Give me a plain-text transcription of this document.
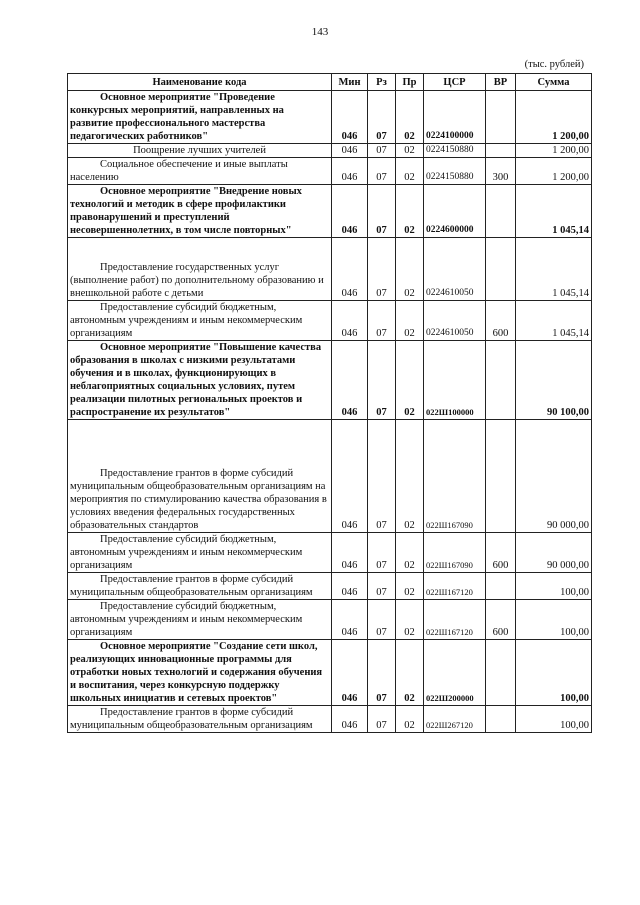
143
(тыс. рублей)
Наименование кода	Мин	Рз	Пр	ЦСР	ВР	Сумма
Основное мероприятие "Проведение конкурсных мероприятий, направленных на развитие профессионального мастерства педагогических работников"	046	07	02	0224100000		1 200,00
Поощрение лучших учителей	046	07	02	0224150880		1 200,00
Социальное обеспечение и иные выплаты населению	046	07	02	0224150880	300	1 200,00
Основное мероприятие "Внедрение новых технологий и методик в сфере профилактики правонарушений и преступлений несовершеннолетних, в том числе повторных"	046	07	02	0224600000		1 045,14
Предоставление государственных услуг (выполнение работ) по дополнительному образованию и внешкольной работе с детьми	046	07	02	0224610050		1 045,14
Предоставление субсидий бюджетным, автономным учреждениям и иным некоммерческим организациям	046	07	02	0224610050	600	1 045,14
Основное мероприятие "Повышение качества образования в школах с низкими результатами обучения и в школах, функционирующих в неблагоприятных социальных условиях, путем реализации пилотных региональных проектов и распространение их результатов"	046	07	02	022Ш100000		90 100,00
Предоставление грантов в форме субсидий муниципальным общеобразовательным организациям на мероприятия по стимулированию качества образования в условиях введения федеральных государственных образовательных стандартов	046	07	02	022Ш167090		90 000,00
Предоставление субсидий бюджетным, автономным учреждениям и иным некоммерческим организациям	046	07	02	022Ш167090	600	90 000,00
Предоставление грантов в форме субсидий муниципальным общеобразовательным организациям	046	07	02	022Ш167120		100,00
Предоставление субсидий бюджетным, автономным учреждениям и иным некоммерческим организациям	046	07	02	022Ш167120	600	100,00
Основное мероприятие "Создание сети школ, реализующих инновационные программы для отработки новых технологий и содержания обучения и воспитания, через конкурсную поддержку школьных инициатив и сетевых проектов"	046	07	02	022Ш200000		100,00
Предоставление грантов в форме субсидий муниципальным общеобразовательным организациям	046	07	02	022Ш267120		100,00
